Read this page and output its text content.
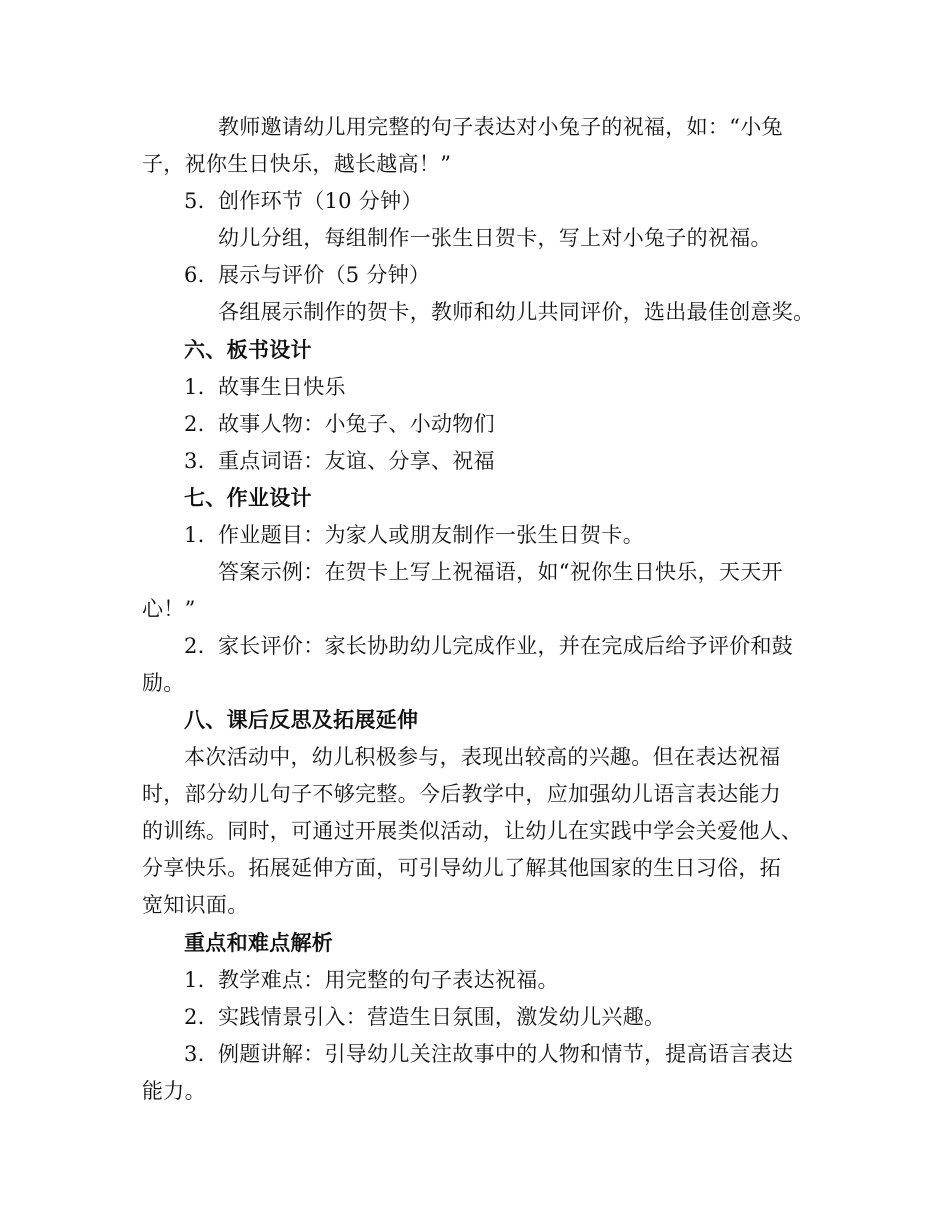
教师邀请幼儿用完整的句子表达对小兔子的祝福，如：“小兔
子，祝你生日快乐，越长越高！”
5. 创作环节（10 分钟）
幼儿分组，每组制作一张生日贺卡，写上对小兔子的祝福。
6. 展示与评价（5 分钟）
各组展示制作的贺卡，教师和幼儿共同评价，选出最佳创意奖。
六、板书设计
1. 故事生日快乐
2. 故事人物：小兔子、小动物们
3. 重点词语：友谊、分享、祝福
七、作业设计
1. 作业题目：为家人或朋友制作一张生日贺卡。
答案示例：在贺卡上写上祝福语，如“祝你生日快乐，天天开
心！”
2. 家长评价：家长协助幼儿完成作业，并在完成后给予评价和鼓
励。
八、课后反思及拓展延伸
本次活动中，幼儿积极参与，表现出较高的兴趣。但在表达祝福
时，部分幼儿句子不够完整。今后教学中，应加强幼儿语言表达能力
的训练。同时，可通过开展类似活动，让幼儿在实践中学会关爱他人、
分享快乐。拓展延伸方面，可引导幼儿了解其他国家的生日习俗，拓
宽知识面。
重点和难点解析
1. 教学难点：用完整的句子表达祝福。
2. 实践情景引入：营造生日氛围，激发幼儿兴趣。
3. 例题讲解：引导幼儿关注故事中的人物和情节，提高语言表达
能力。
